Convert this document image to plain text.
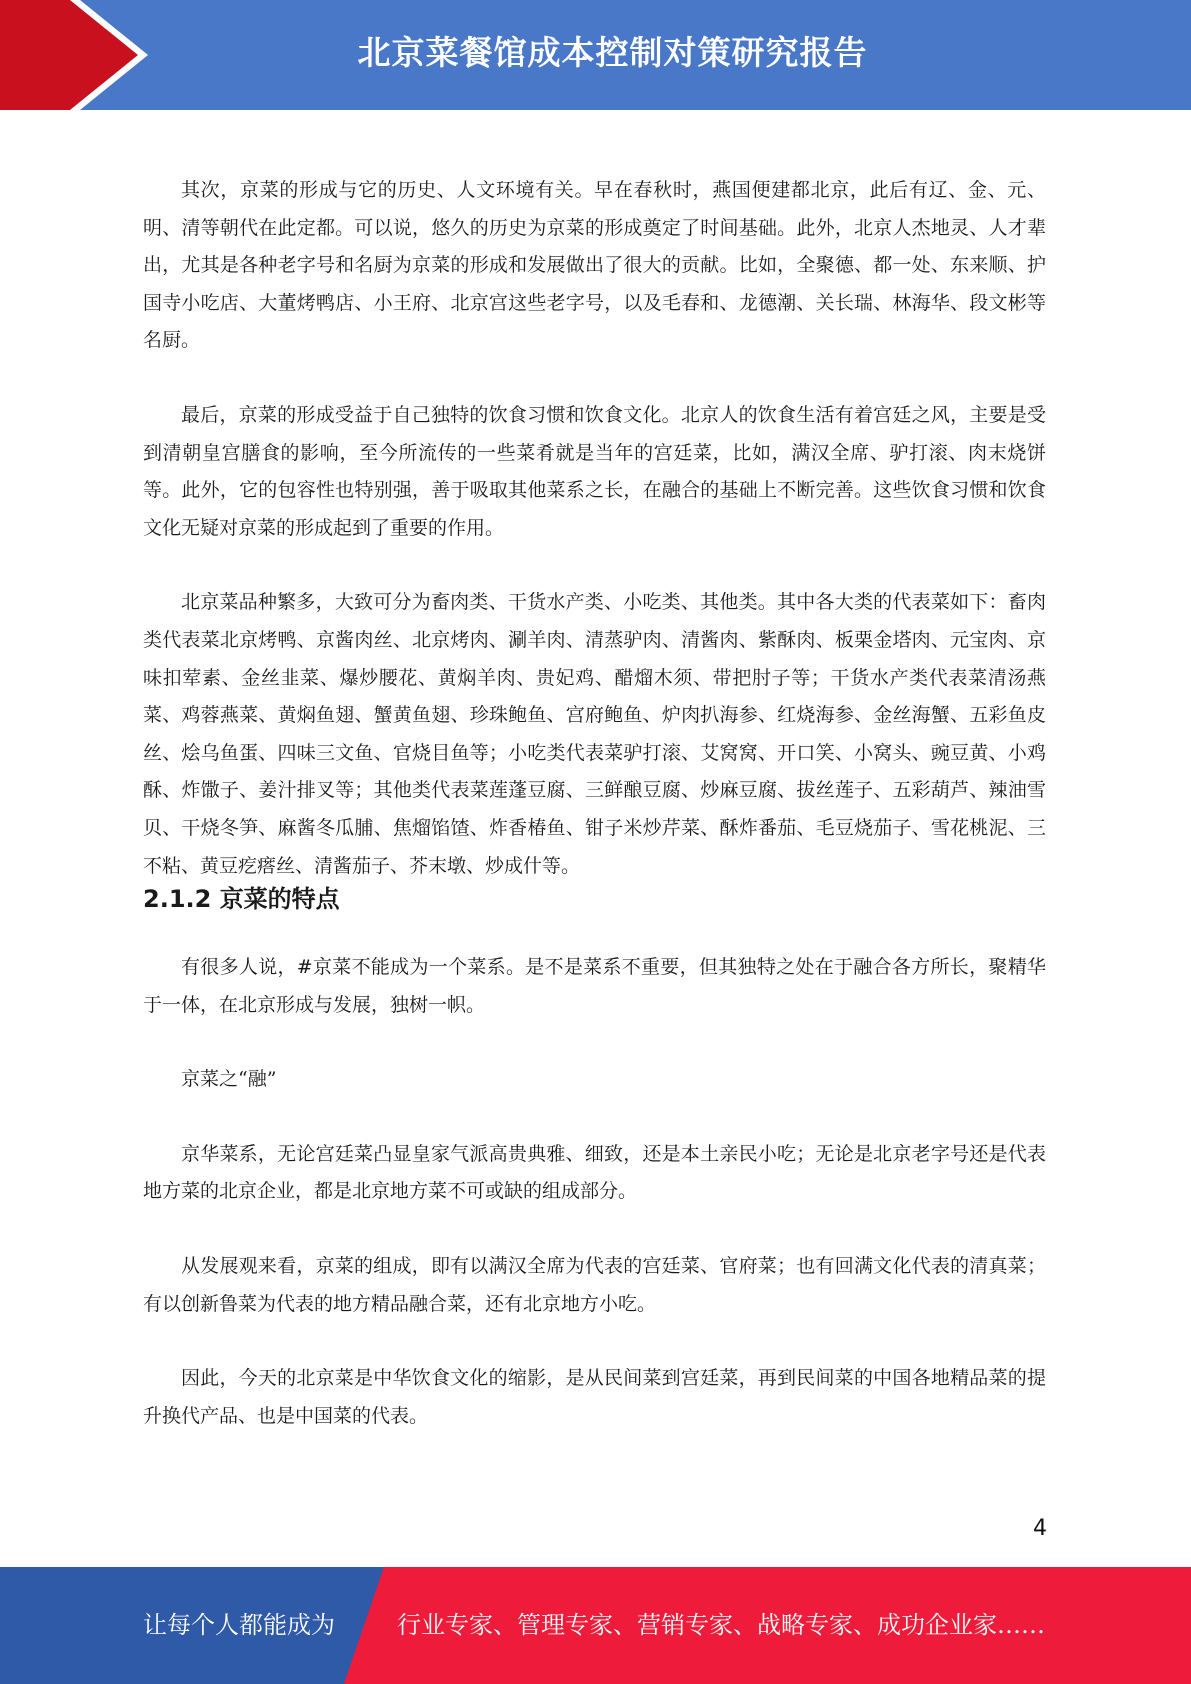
北京菜餐馆成本控制对策研究报告

其次，京菜的形成与它的历史、人文环境有关。早在春秋时，燕国便建都北京，此后有辽、金、元、明、清等朝代在此定都。可以说，悠久的历史为京菜的形成奠定了时间基础。此外，北京人杰地灵、人才辈出，尤其是各种老字号和名厨为京菜的形成和发展做出了很大的贡献。比如，全聚德、都一处、东来顺、护国寺小吃店、大董烤鸭店、小王府、北京宫这些老字号，以及毛春和、龙德潮、关长瑞、林海华、段文彬等名厨。

最后，京菜的形成受益于自己独特的饮食习惯和饮食文化。北京人的饮食生活有着宫廷之风，主要是受到清朝皇宫膳食的影响，至今所流传的一些菜肴就是当年的宫廷菜，比如，满汉全席、驴打滚、肉末烧饼等。此外，它的包容性也特别强，善于吸取其他菜系之长，在融合的基础上不断完善。这些饮食习惯和饮食文化无疑对京菜的形成起到了重要的作用。

北京菜品种繁多，大致可分为畜肉类、干货水产类、小吃类、其他类。其中各大类的代表菜如下：畜肉类代表菜北京烤鸭、京酱肉丝、北京烤肉、涮羊肉、清蒸驴肉、清酱肉、紫酥肉、板栗金塔肉、元宝肉、京味扣荤素、金丝韭菜、爆炒腰花、黄焖羊肉、贵妃鸡、醋熘木须、带把肘子等；干货水产类代表菜清汤燕菜、鸡蓉燕菜、黄焖鱼翅、蟹黄鱼翅、珍珠鲍鱼、宫府鲍鱼、炉肉扒海参、红烧海参、金丝海蟹、五彩鱼皮丝、烩乌鱼蛋、四味三文鱼、官烧目鱼等；小吃类代表菜驴打滚、艾窝窝、开口笑、小窝头、豌豆黄、小鸡酥、炸馓子、姜汁排叉等；其他类代表菜莲蓬豆腐、三鲜酿豆腐、炒麻豆腐、拔丝莲子、五彩葫芦、辣油雪贝、干烧冬笋、麻酱冬瓜脯、焦熘馅馇、炸香椿鱼、钳子米炒芹菜、酥炸番茄、毛豆烧茄子、雪花桃泥、三不粘、黄豆疙瘩丝、清酱茄子、芥末墩、炒成什等。

2.1.2 京菜的特点

有很多人说，#京菜不能成为一个菜系。是不是菜系不重要，但其独特之处在于融合各方所长，聚精华于一体，在北京形成与发展，独树一帜。

京菜之“融”

京华菜系，无论宫廷菜凸显皇家气派高贵典雅、细致，还是本土亲民小吃；无论是北京老字号还是代表地方菜的北京企业，都是北京地方菜不可或缺的组成部分。

从发展观来看，京菜的组成，即有以满汉全席为代表的宫廷菜、官府菜；也有回满文化代表的清真菜；有以创新鲁菜为代表的地方精品融合菜，还有北京地方小吃。

因此，今天的北京菜是中华饮食文化的缩影，是从民间菜到宫廷菜，再到民间菜的中国各地精品菜的提升换代产品、也是中国菜的代表。

4
让每个人都能成为	行业专家、管理专家、营销专家、战略专家、成功企业家……
